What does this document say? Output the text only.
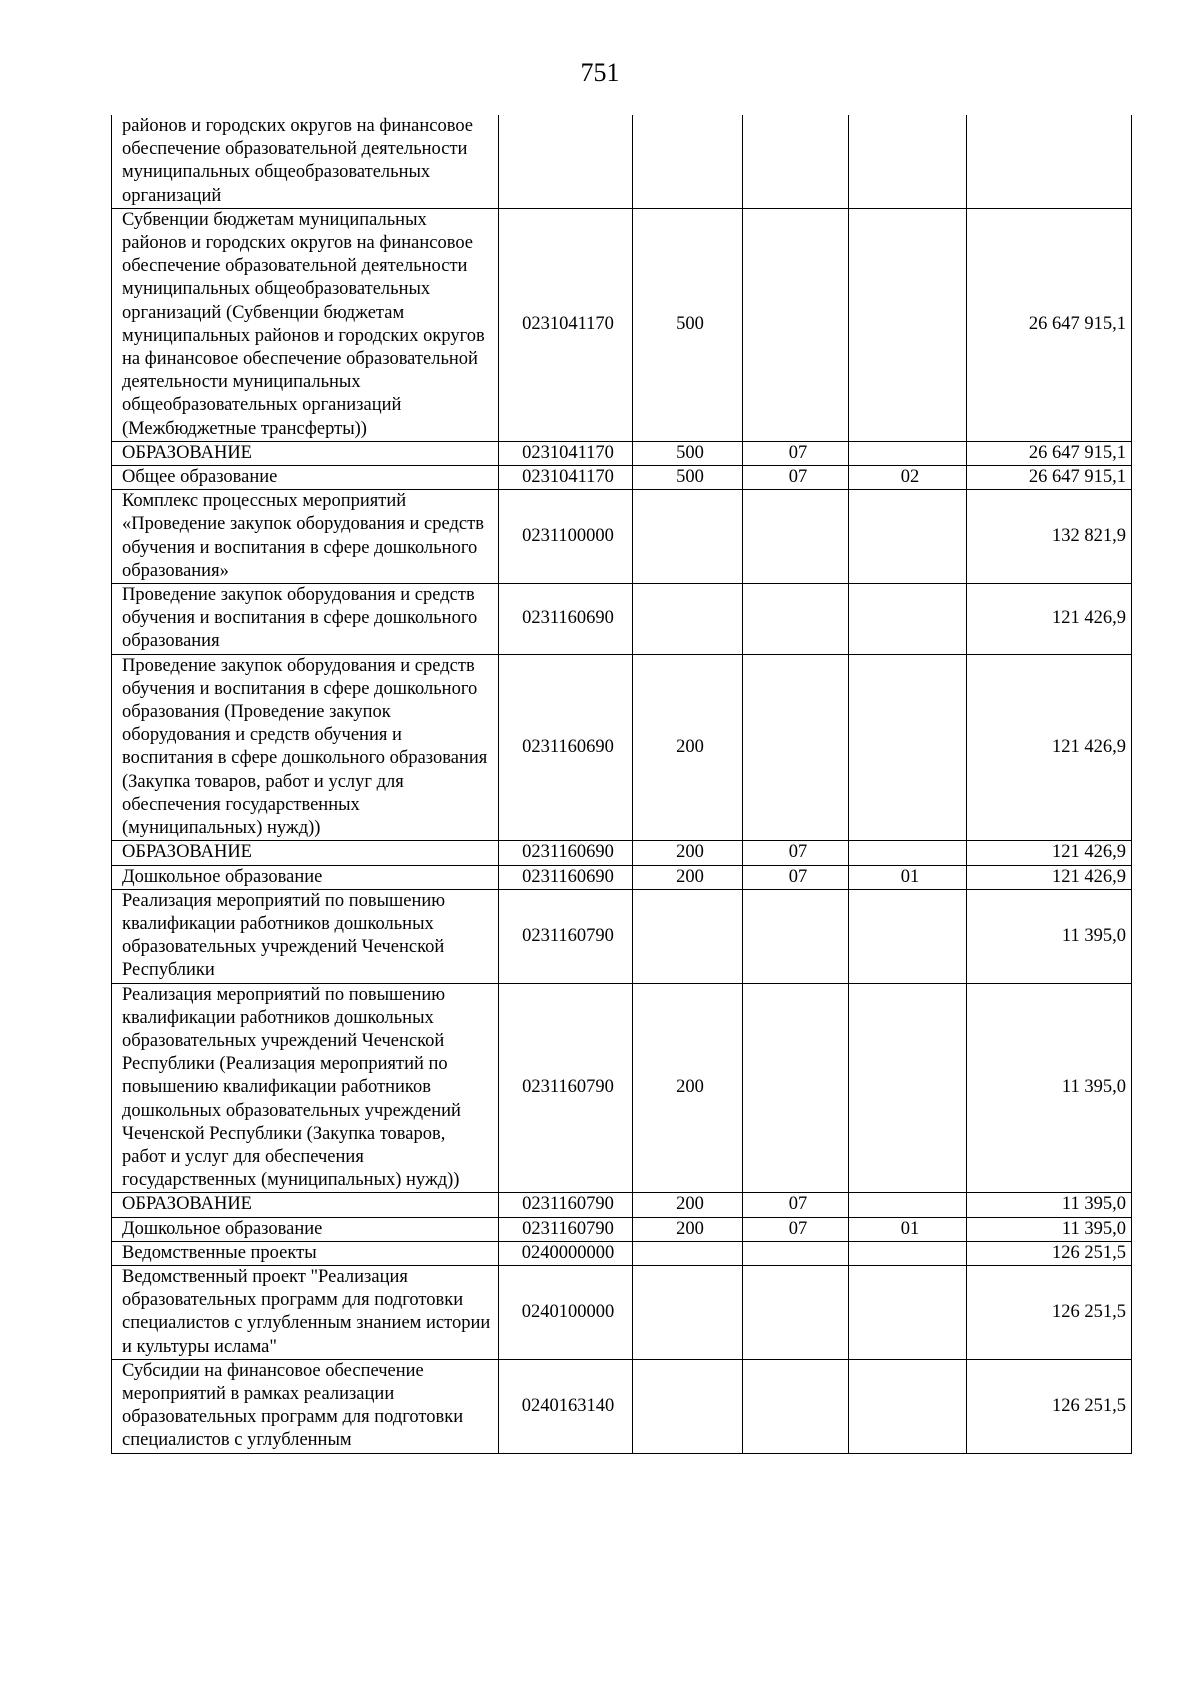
751
районов и городских округов на финансовое обеспечение образовательной деятельности муниципальных общеобразовательных организаций					
Субвенции бюджетам муниципальных районов и городских округов на финансовое обеспечение образовательной деятельности муниципальных общеобразовательных организаций (Субвенции бюджетам муниципальных районов и городских округов на финансовое обеспечение образовательной деятельности муниципальных общеобразовательных организаций (Межбюджетные трансферты))	0231041170	500			26 647 915,1
ОБРАЗОВАНИЕ	0231041170	500	07		26 647 915,1
Общее образование	0231041170	500	07	02	26 647 915,1
Комплекс процессных мероприятий «Проведение закупок оборудования и средств обучения и воспитания в сфере дошкольного образования»	0231100000				132 821,9
Проведение закупок оборудования и средств обучения и воспитания в сфере дошкольного образования	0231160690				121 426,9
Проведение закупок оборудования и средств обучения и воспитания в сфере дошкольного образования (Проведение закупок оборудования и средств обучения и воспитания в сфере дошкольного образования (Закупка товаров, работ и услуг для обеспечения государственных (муниципальных) нужд))	0231160690	200			121 426,9
ОБРАЗОВАНИЕ	0231160690	200	07		121 426,9
Дошкольное образование	0231160690	200	07	01	121 426,9
Реализация мероприятий по повышению квалификации работников дошкольных образовательных учреждений Чеченской Республики	0231160790				11 395,0
Реализация мероприятий по повышению квалификации работников дошкольных образовательных учреждений Чеченской Республики (Реализация мероприятий по повышению квалификации работников дошкольных образовательных учреждений Чеченской Республики (Закупка товаров, работ и услуг для обеспечения государственных (муниципальных) нужд))	0231160790	200			11 395,0
ОБРАЗОВАНИЕ	0231160790	200	07		11 395,0
Дошкольное образование	0231160790	200	07	01	11 395,0
Ведомственные проекты	0240000000				126 251,5
Ведомственный проект "Реализация образовательных программ для подготовки специалистов с углубленным знанием истории и культуры ислама"	0240100000				126 251,5
Субсидии на финансовое обеспечение мероприятий в рамках реализации образовательных программ для подготовки специалистов с углубленным	0240163140				126 251,5
